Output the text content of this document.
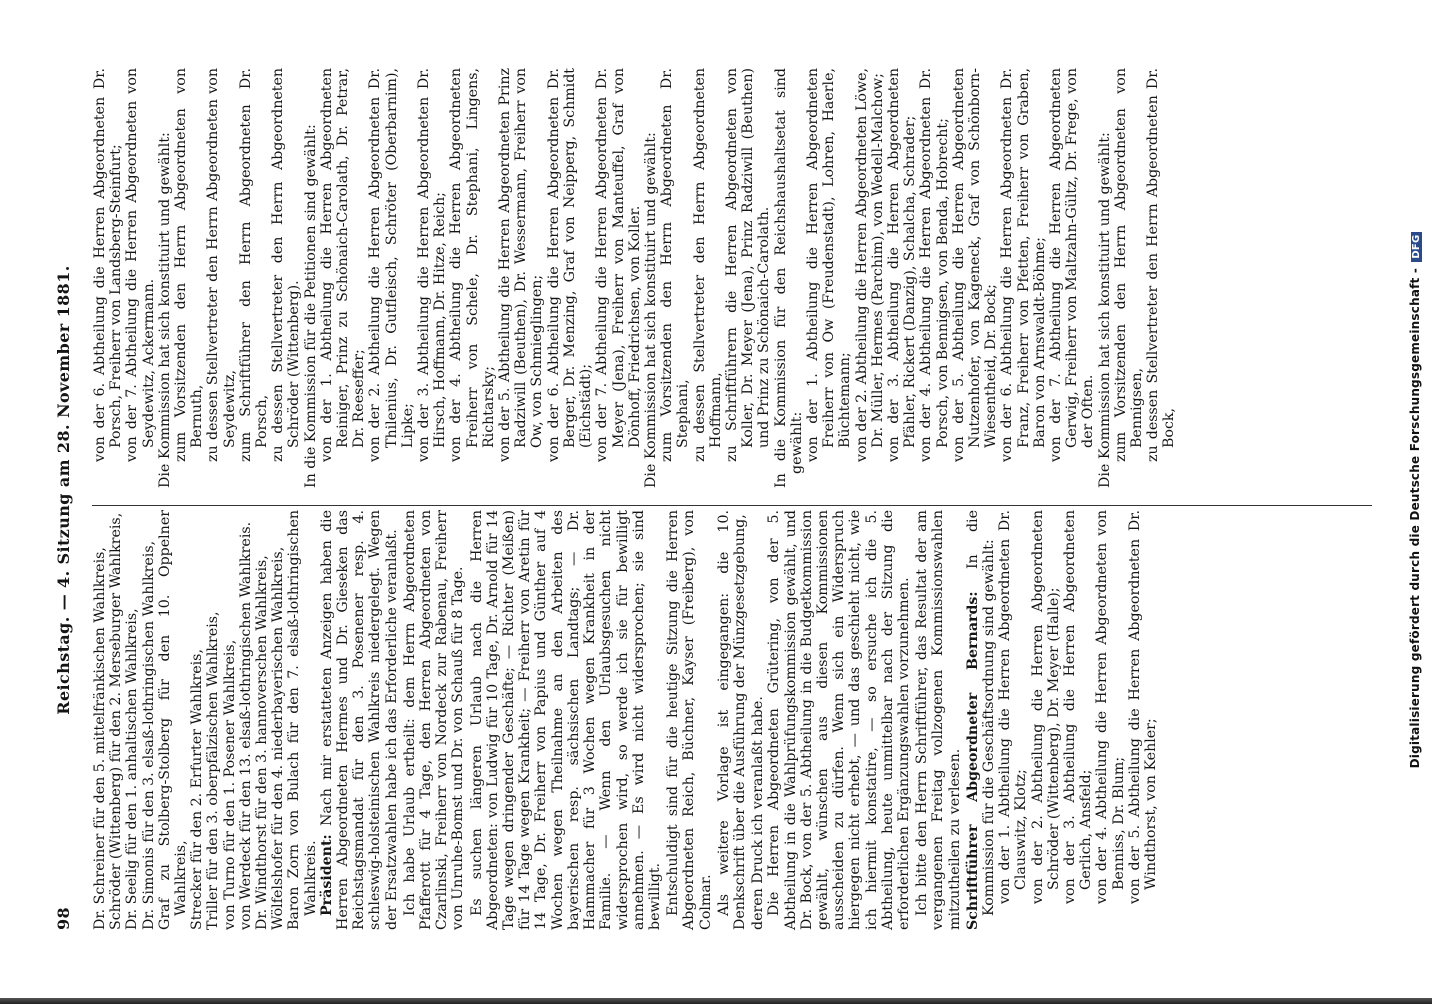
98
Reichstag. — 4. Sitzung am 28. November 1881.

Dr. Schreiner für den 5. mittelfränkischen Wahlkreis, Schröder (Wittenberg) für den 2. Merseburger Wahlkreis, Dr. Seelig für den 1. anhaltischen Wahlkreis, Dr. Simonis für den 3. elsaß-lothringischen Wahlkreis, Graf zu Stolberg-Stolberg für den 10. Oppelner Wahlkreis, Strecker für den 2. Erfurter Wahlkreis, Triller für den 3. oberpfälzischen Wahlkreis, von Turno für den 1. Posener Wahlkreis, von Werdeck für den 13. elsaß-lothringischen Wahlkreis. Dr. Windthorst für den 3. hannoverschen Wahlkreis, Wölfelshofer für den 4. niederbayerischen Wahlkreis, Baron Zorn von Bulach für den 7. elsaß-lothringischen Wahlkreis. Präsident: Nach mir erstatteten Anzeigen haben die Herren Abgeordneten Hermes und Dr. Gieseken das Reichstagsmandat für den 3. Posenener resp. 4. schleswig-holsteinischen Wahlkreis niedergelegt. Wegen der Ersatzwahlen habe ich das Erforderliche veranlaßt. Ich habe Urlaub ertheilt: dem Herrn Abgeordneten Pfafferott für 4 Tage, den Herren Abgeordneten von Czarlinski, Freiherr von Nordeck zur Rabenau, Freiherr von Unruhe-Bomst und Dr. von Schauß für 8 Tage. Es suchen längeren Urlaub nach die Herren Abgeordneten: von Ludwig für 10 Tage, Dr. Arnold für 14 Tage wegen dringender Geschäfte; — Richter (Meißen) für 14 Tage wegen Krankheit; — Freiherr von Aretin für 14 Tage, Dr. Freiherr von Papius und Günther auf 4 Wochen wegen Theilnahme an den Arbeiten des bayerischen resp. sächsischen Landtags; — Dr. Hammacher für 3 Wochen wegen Krankheit in der Familie. — Wenn den Urlaubsgesuchen nicht widersprochen wird, so werde ich sie für bewilligt annehmen. — Es wird nicht widersprochen; sie sind bewilligt. Entschuldigt sind für die heutige Sitzung die Herren Abgeordneten Reich, Büchner, Kayser (Freiberg), von Colmar. Als weitere Vorlage ist eingegangen: die 10. Denkschrift über die Ausführung der Münzgesetzgebung, deren Druck ich veranlaßt habe. Die Herren Abgeordneten Grütering, von der 5. Abtheilung in die Wahlprüfungskommission gewählt, und Dr. Bock, von der 5. Abtheilung in die Budgetkommission gewählt, wünschen aus diesen Kommissionen ausscheiden zu dürfen. Wenn sich ein Widerspruch hiergegen nicht erhebt, — und das geschieht nicht, wie ich hiermit konstatire, — so ersuche ich die 5. Abtheilung, heute unmittelbar nach der Sitzung die erforderlichen Ergänzungswahlen vorzunehmen. Ich bitte den Herrn Schriftführer, das Resultat der am vergangenen Freitag vollzogenen Kommissionswahlen mitzutheilen zu verlesen. Schriftführer Abgeordneter Bernards: In die Kommission für die Geschäftsordnung sind gewählt: von der 1. Abtheilung die Herren Abgeordneten Dr. Clauswitz, Klotz; von der 2. Abtheilung die Herren Abgeordneten Schröder (Wittenberg), Dr. Meyer (Halle); von der 3. Abtheilung die Herren Abgeordneten Gerlich, Ansfeld; von der 4. Abtheilung die Herren Abgeordneten von Benniss, Dr. Blum; von der 5. Abtheilung die Herren Abgeordneten Dr. Windthorst, von Kehler;

von der 6. Abtheilung die Herren Abgeordneten Dr. Porsch, Freiherr von Landsberg-Steinfurt; von der 7. Abtheilung die Herren Abgeordneten von Seydewitz, Ackermann. Die Kommission hat sich konstituirt und gewählt: zum Vorsitzenden den Herrn Abgeordneten von Bernuth, zu dessen Stellvertreter den Herrn Abgeordneten von Seydewitz, zum Schriftführer den Herrn Abgeordneten Dr. Porsch, zu dessen Stellvertreter den Herrn Abgeordneten Schröder (Wittenberg). In die Kommission für die Petitionen sind gewählt: von der 1. Abtheilung die Herren Abgeordneten Reiniger, Prinz zu Schönaich-Carolath, Dr. Petrar, Dr. Reeseffer; von der 2. Abtheilung die Herren Abgeordneten Dr. Thilenius, Dr. Gutfleisch, Schröter (Oberbarnim), Lipke; von der 3. Abtheilung die Herren Abgeordneten Dr. Hirsch, Hoffmann, Dr. Hitze, Reich; von der 4. Abtheilung die Herren Abgeordneten Freiherr von Schele, Dr. Stephani, Lingens, Richtarsky; von der 5. Abtheilung die Herren Abgeordneten Prinz Radziwill (Beuthen), Dr. Wessermann, Freiherr von Ow, von Schmieglingen; von der 6. Abtheilung die Herren Abgeordneten Dr. Berger, Dr. Menzing, Graf von Neipperg, Schmidt (Eichstädt); von der 7. Abtheilung die Herren Abgeordneten Dr. Meyer (Jena), Freiherr von Manteuffel, Graf von Dönhoff, Friedrichsen, von Koller. Die Kommission hat sich konstituirt und gewählt: zum Vorsitzenden den Herrn Abgeordneten Dr. Stephani, zu dessen Stellvertreter den Herrn Abgeordneten Hoffmann, zu Schriftführern die Herren Abgeordneten von Koller, Dr. Meyer (Jena), Prinz Radziwill (Beuthen) und Prinz zu Schönaich-Carolath. In die Kommission für den Reichshaushaltsetat sind gewählt: von der 1. Abtheilung die Herren Abgeordneten Freiherr von Ow (Freudenstadt), Lohren, Haerle, Büchtemann; von der 2. Abtheilung die Herren Abgeordneten Löwe, Dr. Müller, Hermes (Parchim), von Wedell-Malchow; von der 3. Abtheilung die Herren Abgeordneten Pfähler, Rickert (Danzig), Schalcha, Schrader; von der 4. Abtheilung die Herren Abgeordneten Dr. Porsch, von Bennigsen, von Benda, Hobrecht; von der 5. Abtheilung die Herren Abgeordneten Nutzenhofer, von Kageneck, Graf von Schönborn-Wiesentheid, Dr. Bock; von der 6. Abtheilung die Herren Abgeordneten Dr. Franz, Freiherr von Pfetten, Freiherr von Graben, Baron von Arnswaldt-Böhme; von der 7. Abtheilung die Herren Abgeordneten Gerwig, Freiherr von Maltzahn-Gültz, Dr. Frege, von der Often. Die Kommission hat sich konstituirt und gewählt: zum Vorsitzenden den Herrn Abgeordneten von Bennigsen, zu dessen Stellvertreter den Herrn Abgeordneten Dr. Bock,	Digitalisierung gefördert durch die Deutsche Forschungsgemeinschaft - DFG
